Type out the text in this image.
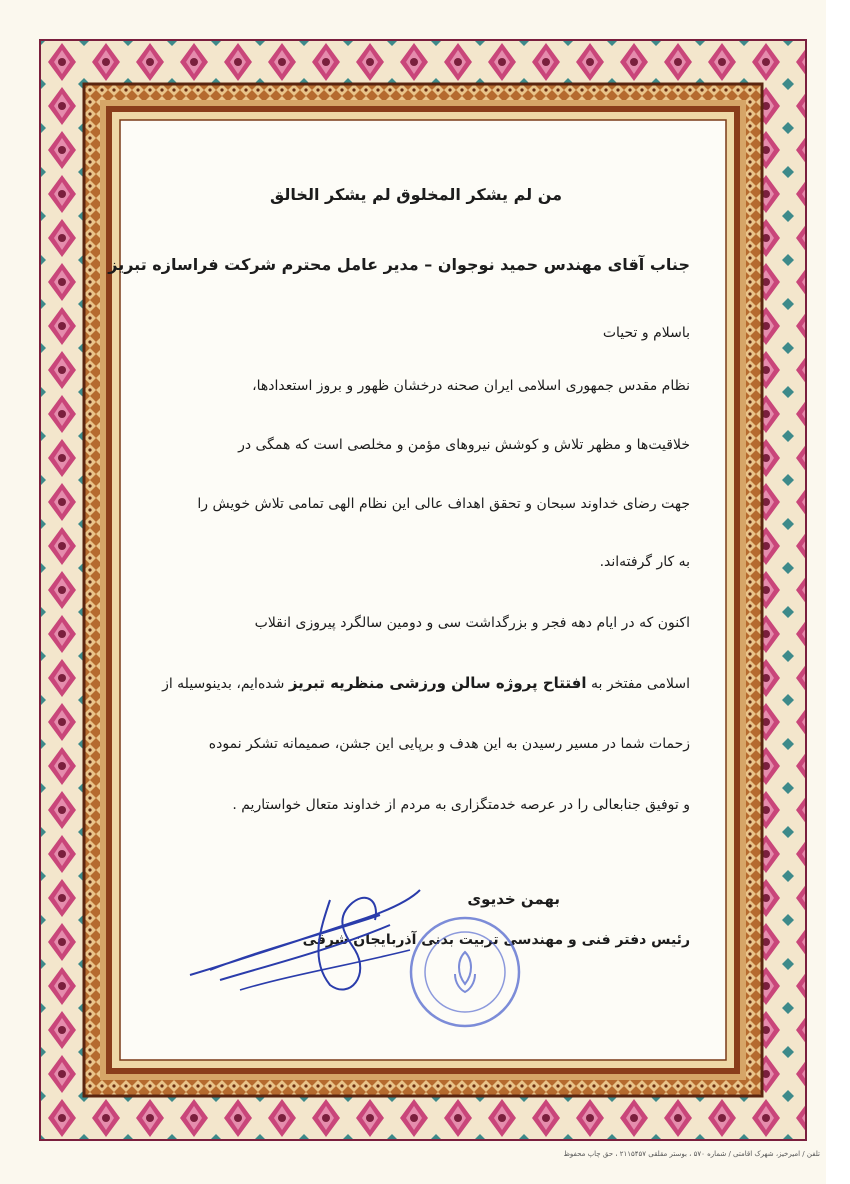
من لم یشکر المخلوق لم یشکر الخالق
جناب آقای مهندس حمید نوجوان – مدیر عامل محترم شرکت فراسازه تبریز
باسلام و تحیات
نظام مقدس جمهوری اسلامی ایران صحنه درخشان ظهور و بروز استعدادها،
خلاقیت‌ها و مظهر تلاش و کوشش نیروهای مؤمن و مخلصی است که همگی در
جهت رضای خداوند سبحان و تحقق اهداف عالی این نظام الهی تمامی تلاش خویش را
به کار گرفته‌اند.
اکنون که در ایام دهه فجر و بزرگداشت سی و دومین سالگرد پیروزی انقلاب
اسلامی مفتخر به افتتاح پروژه سالن ورزشی منظریه تبریز شده‌ایم، بدینوسیله از
زحمات شما در مسیر رسیدن به این هدف و برپایی این جشن، صمیمانه تشکر نموده
و توفیق جنابعالی را در عرصه خدمتگزاری به مردم از خداوند متعال خواستاریم .
بهمن خدیوی
رئیس دفتر فنی و مهندسی تربیت بدنی آذربایجان شرقی
تلفن / امیرخیز، شهرک اقامتی / شماره ۵۷۰ ، بوستر مقلقی ۲۱۱۵۴۵۷ ، حق چاپ محفوظ
